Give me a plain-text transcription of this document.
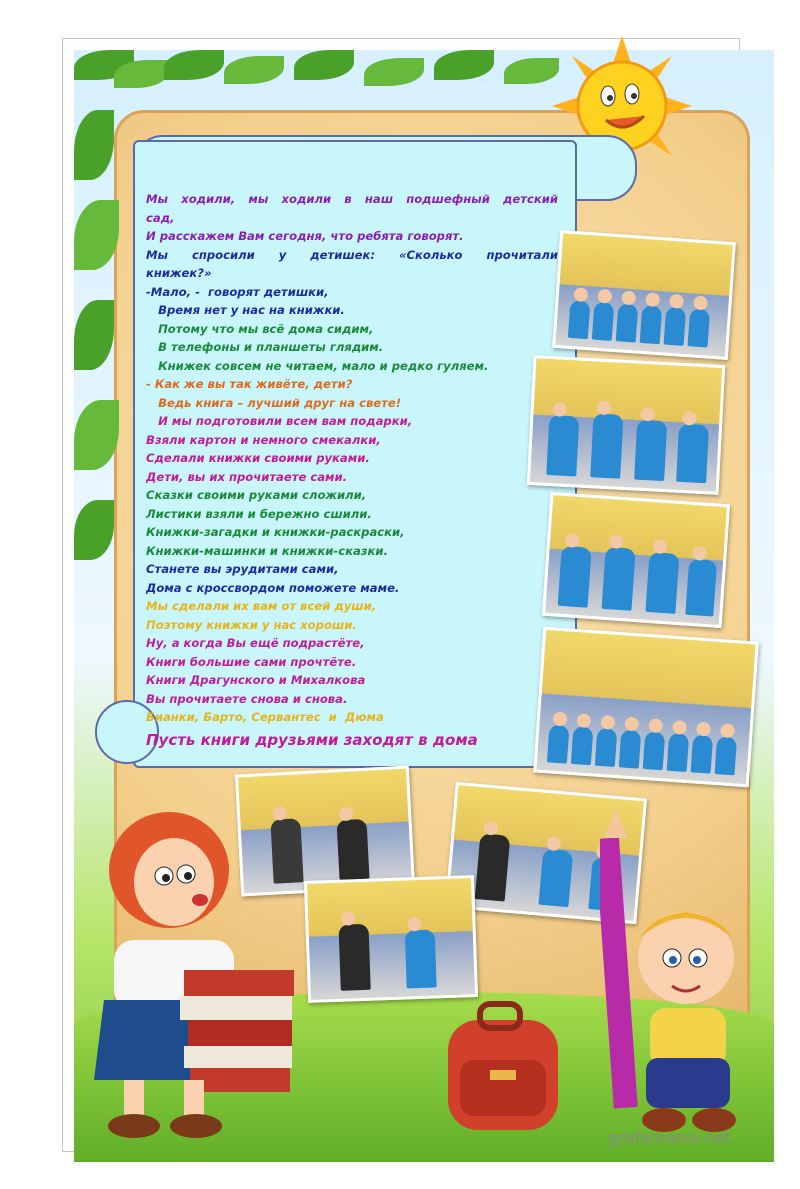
Мы ходили, мы ходили в наш подшефный детский
сад,
И расскажем Вам сегодня, что ребята говорят.
Мы спросили у детишек: «Сколько прочитали
книжек?»
-Мало, -  говорят детишки,
Время нет у нас на книжки.
Потому что мы всё дома сидим,
В телефоны и планшеты глядим.
Книжек совсем не читаем, мало и редко гуляем.
- Как же вы так живёте, дети?
Ведь книга – лучший друг на свете!
И мы подготовили всем вам подарки,
Взяли картон и немного смекалки,
Сделали книжки своими руками.
Дети, вы их прочитаете сами.
Сказки своими руками сложили,
Листики взяли и бережно сшили.
Книжки-загадки и книжки-раскраски,
Книжки-машинки и книжки-сказки.
Станете вы эрудитами сами,
Дома с кроссвордом поможете маме.
Мы сделали их вам от всей души,
Поэтому книжки у нас хороши.
Ну, а когда Вы ещё подрастёте,
Книги большие сами прочтёте.
Книги Драгунского и Михалкова
Вы прочитаете снова и снова.
Бианки, Барто, Сервантес  и  Дюма
Пусть книги друзьями заходят в дома
grafamania.net
